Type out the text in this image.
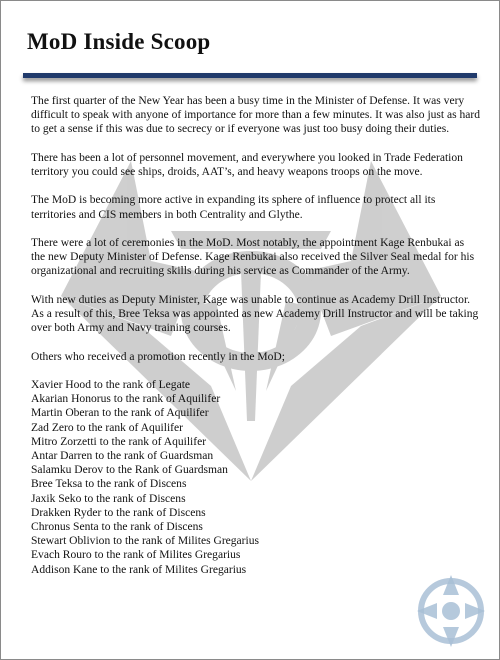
MoD Inside Scoop

The first quarter of the New Year has been a busy time in the Minister of Defense. It was very difficult to speak with anyone of importance for more than a few minutes. It was also just as hard to get a sense if this was due to secrecy or if everyone was just too busy doing their duties.

There has been a lot of personnel movement, and everywhere you looked in Trade Federation territory you could see ships, droids, AAT’s, and heavy weapons troops on the move.

The MoD is becoming more active in expanding its sphere of influence to protect all its territories and CIS members in both Centrality and Glythe.

There were a lot of ceremonies in the MoD. Most notably, the appointment Kage Renbukai as the new Deputy Minister of Defense. Kage Renbukai also received the Silver Seal medal for his organizational and recruiting skills during his service as Commander of the Army.

With new duties as Deputy Minister, Kage was unable to continue as Academy Drill Instructor. As a result of this, Bree Teksa was appointed as new Academy Drill Instructor and will be taking over both Army and Navy training courses.

Others who received a promotion recently in the MoD;

Xavier Hood to the rank of Legate
Akarian Honorus to the rank of Aquilifer
Martin Oberan to the rank of Aquilifer
Zad Zero to the rank of Aquilifer
Mitro Zorzetti to the rank of Aquilifer
Antar Darren to the rank of Guardsman
Salamku Derov to the Rank of Guardsman
Bree Teksa to the rank of Discens
Jaxik Seko to the rank of Discens
Drakken Ryder to the rank of Discens
Chronus Senta to the rank of Discens
Stewart Oblivion to the rank of Milites Gregarius
Evach Rouro to the rank of Milites Gregarius
Addison Kane to the rank of Milites Gregarius
